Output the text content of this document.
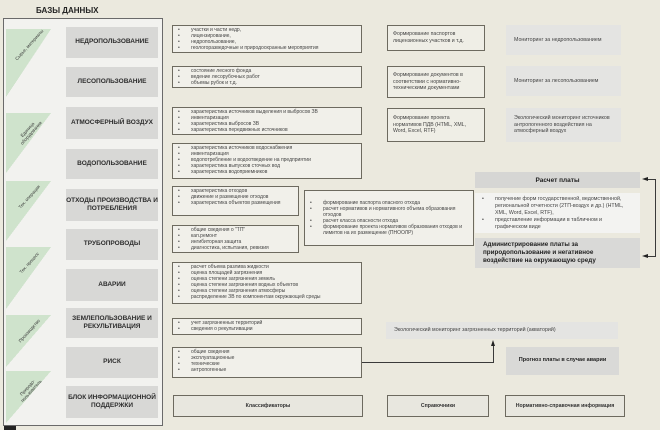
БАЗЫ ДАННЫХ
Сырье, материалы
Единица оборудования
Тех. операция
Тех. процесс
Производство
Природо-пользователь
НЕДРОПОЛЬЗОВАНИЕ
ЛЕСОПОЛЬЗОВАНИЕ
АТМОСФЕРНЫЙ ВОЗДУХ
ВОДОПОЛЬЗОВАНИЕ
ОТХОДЫ ПРОИЗВОДСТВА И ПОТРЕБЛЕНИЯ
ТРУБОПРОВОДЫ
АВАРИИ
ЗЕМЛЕПОЛЬЗОВАНИЕ И РЕКУЛЬТИВАЦИЯ
РИСК
БЛОК ИНФОРМАЦИОННОЙ ПОДДЕРЖКИ
• участки и части недр,
• лицензирование,
• недропользование,
• геологоразведочные и природоохранные мероприятия
• состояние лесного фонда
• ведение лесорубочных работ
• объемы рубок и т.д.
• характеристика источников выделения и выбросов ЗВ
• инвентаризация
• характеристика выбросов ЗВ
• характеристика передвижных источников
• характеристика источников водоснабжения
• инвентаризация
• водопотребление и водоотведение на предприятии
• характеристика выпусков сточных вод
• характеристика водоприемников
• характеристика отходов
• движение и размещение отходов
• характеристика объектов размещения
• общие сведения о "ТП"
• кап.ремонт
• ингибиторная защита
• диагностика, испытания, ревизия
• формирование паспорта опасного отхода
• расчет нормативов и нормативного объема образования отходов
• расчет класса опасности отхода
• формирование проекта нормативов образования отходов и лимитов на их размещение (ПНООЛР)
• расчет объема разлива жидкости
• оценка площадей загрязнения
• оценка степени загрязнения земель
• оценка степени загрязнения водных объектов
• оценка степени загрязнения атмосферы
• распределение ЗВ по компонентам окружающей среды
• учет загрязненных территорий
• сведения о рекультивации
• общие сведения
• эксплуатационные
• технические
• антропогенные
Формирование паспортов лицензионных участков и т.д.
Формирование документов в соответствии с нормативно-техническими документами
Формирование проекта нормативов ПДВ (HTML, XML, Word, Excel, RTF)
Мониторинг за недропользованием
Мониторинг за лесопользованием
Экологический мониторинг источников антропогенного воздействия на атмосферный воздух
Расчет платы
• получение форм государственной, ведомственной, региональной отчетности (2ТП-воздух и др.) (HTML, XML, Word, Excel, RTF),
• представление информации в табличном и графическом виде
Администрирование платы за природопользование и негативное воздействие на окружающую среду
Экологический мониторинг загрязненных территорий (акваторий)
Прогноз платы в случае аварии
Классификаторы	Справочники	Нормативно-справочная информация
